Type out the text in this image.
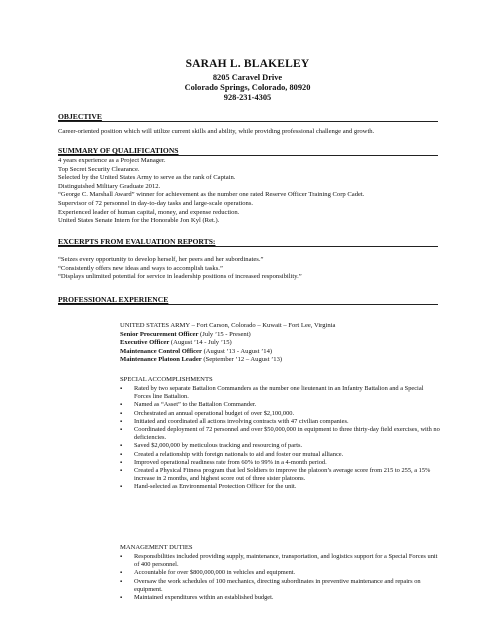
SARAH L. BLAKELEY
8205 Caravel Drive
Colorado Springs, Colorado, 80920
928-231-4305
OBJECTIVE
Career-oriented position which will utilize current skills and ability, while providing professional challenge and growth.
SUMMARY OF QUALIFICATIONS
4 years experience as a Project Manager.
Top Secret Security Clearance.
Selected by the United States Army to serve as the rank of Captain.
Distinguished Military Graduate 2012.
“George C. Marshall Award” winner for achievement as the number one rated Reserve Officer Training Corp Cadet.
Supervisor of 72 personnel in day-to-day tasks and large-scale operations.
Experienced leader of human capital, money, and expense reduction.
United States Senate Intern for the Honorable Jon Kyl (Ret.).
EXCERPTS FROM EVALUATION REPORTS:
“Seizes every opportunity to develop herself, her peers and her subordinates.”
“Consistently offers new ideas and ways to accomplish tasks.”
“Displays unlimited potential for service in leadership positions of increased responsibility.”
PROFESSIONAL EXPERIENCE
UNITED STATES ARMY – Fort Carson, Colorado – Kuwait – Fort Lee, Virginia
Senior Procurement Officer (July ’15 - Present)
Executive Officer (August ’14 - July ’15)
Maintenance Control Officer (August ’13 - August ’14)
Maintenance Platoon Leader (September ’12 – August ’13)
SPECIAL ACCOMPLISHMENTS
▪ Rated by two separate Battalion Commanders as the number one lieutenant in an Infantry Battalion and a Special Forces line Battalion.
▪ Named as “Asset” to the Battalion Commander.
▪ Orchestrated an annual operational budget of over $2,100,000.
▪ Initiated and coordinated all actions involving contracts with 47 civilian companies.
▪ Coordinated deployment of 72 personnel and over $50,000,000 in equipment to three thirty-day field exercises, with no deficiencies.
▪ Saved $2,000,000 by meticulous tracking and resourcing of parts.
▪ Created a relationship with foreign nationals to aid and foster our mutual alliance.
▪ Improved operational readiness rate from 60% to 99% in a 4-month period.
▪ Created a Physical Fitness program that led Soldiers to improve the platoon’s average score from 215 to 255, a 15% increase in 2 months, and highest score out of three sister platoons.
▪ Hand-selected as Environmental Protection Officer for the unit.
MANAGEMENT DUTIES
▪ Responsibilities included providing supply, maintenance, transportation, and logistics support for a Special Forces unit of 400 personnel.
▪ Accountable for over $800,000,000 in vehicles and equipment.
▪ Oversaw the work schedules of 100 mechanics, directing subordinates in preventive maintenance and repairs on equipment.
▪ Maintained expenditures within an established budget.
